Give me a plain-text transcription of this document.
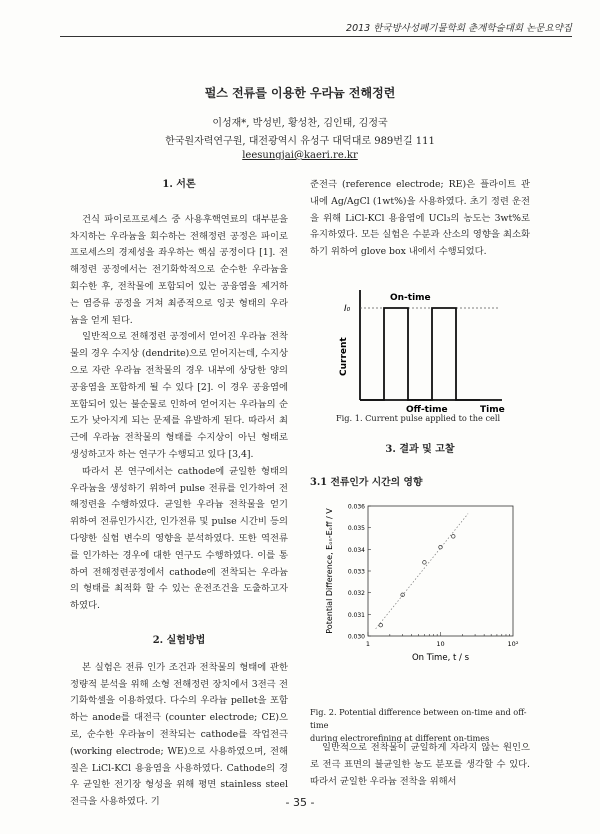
2013 한국방사성폐기물학회 춘계학술대회 논문요약집
펄스 전류를 이용한 우라늄 전해정련
이성재*, 박성빈, 황성찬, 김인태, 김정국
한국원자력연구원, 대전광역시 유성구 대덕대로 989번길 111
leesungjai@kaeri.re.kr

1. 서론

건식 파이로프로세스 중 사용후핵연료의 대부분을 차지하는 우라늄을 회수하는 전해정련 공정은 파이로프로세스의 경제성을 좌우하는 핵심 공정이다 [1]. 전해정련 공정에서는 전기화학적으로 순수한 우라늄을 회수한 후, 전착물에 포함되어 있는 공융염을 제거하는 염증류 공정을 거쳐 최종적으로 잉곳 형태의 우라늄을 얻게 된다.

일반적으로 전해정련 공정에서 얻어진 우라늄 전착물의 경우 수지상 (dendrite)으로 얻어지는데, 수지상으로 자란 우라늄 전착물의 경우 내부에 상당한 양의 공융염을 포함하게 될 수 있다 [2]. 이 경우 공융염에 포함되어 있는 불순물로 인하여 얻어지는 우라늄의 순도가 낮아지게 되는 문제를 유발하게 된다. 따라서 최근에 우라늄 전착물의 형태를 수지상이 아닌 형태로 생성하고자 하는 연구가 수행되고 있다 [3,4].

따라서 본 연구에서는 cathode에 균일한 형태의 우라늄을 생성하기 위하여 pulse 전류를 인가하여 전해정련을 수행하였다. 균일한 우라늄 전착물을 얻기 위하여 전류인가시간, 인가전류 및 pulse 시간비 등의 다양한 실험 변수의 영향을 분석하였다. 또한 역전류를 인가하는 경우에 대한 연구도 수행하였다. 이를 통하여 전해정련공정에서 cathode에 전착되는 우라늄의 형태를 최적화 할 수 있는 운전조건을 도출하고자 하였다.

2. 실험방법

본 실험은 전류 인가 조건과 전착물의 형태에 관한 정량적 분석을 위해 소형 전해정련 장치에서 3전극 전기화학셀을 이용하였다. 다수의 우라늄 pellet을 포함하는 anode를 대전극 (counter electrode; CE)으로, 순수한 우라늄이 전착되는 cathode를 작업전극 (working electrode; WE)으로 사용하였으며, 전해질은 LiCl-KCl 용융염을 사용하였다. Cathode의 경우 균일한 전기장 형성을 위해 평면 stainless steel 전극을 사용하였다. 기

준전극 (reference electrode; RE)은 플라이트 관 내에 Ag/AgCl (1wt%)을 사용하였다. 초기 정련 운전을 위해 LiCl-KCl 용융염에 UCl₃의 농도는 3wt%로 유지하였다. 모든 실험은 수분과 산소의 영향을 최소화하기 위하여 glove box 내에서 수행되었다.

I₀
On-time
Off-time	Time
Current
Fig. 1. Current pulse applied to the cell
3. 결과 및 고찰
3.1 전류인가 시간의 영향
0.030
0.031
0.032
0.033
0.034
0.035
0.036
1	10	10²
On Time, t / s
Potential Difference, Eₒₙ-Eₒff / V
Fig. 2. Potential difference between on-time and off-time
during electrorefining at different on-times

일반적으로 전착물이 균일하게 자라지 않는 원인으로 전극 표면의 불균일한 농도 분포를 생각할 수 있다. 따라서 균일한 우라늄 전착을 위해서

- 35 -
